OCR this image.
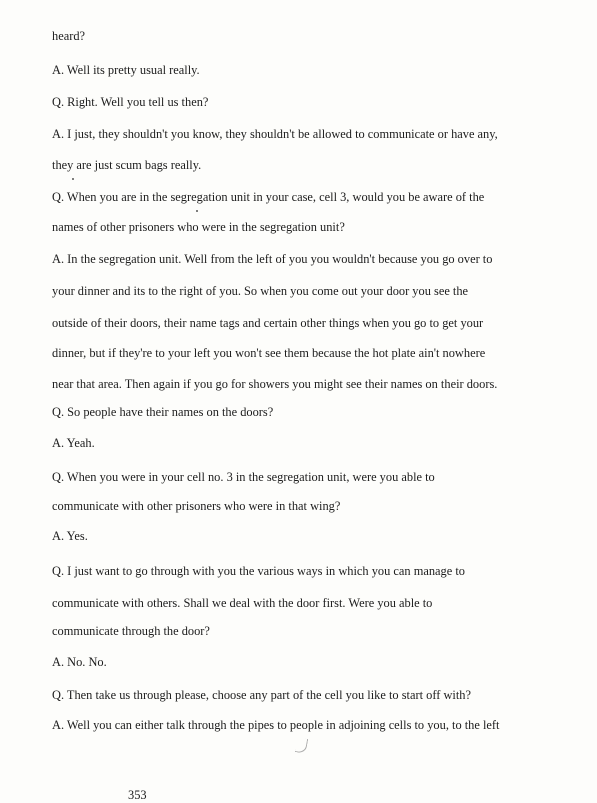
heard?
A. Well its pretty usual really.
Q. Right. Well you tell us then?
A. I just, they shouldn't you know, they shouldn't be allowed to communicate or have any,
they are just scum bags really.
Q. When you are in the segregation unit in your case, cell 3, would you be aware of the
names of other prisoners who were in the segregation unit?
A. In the segregation unit. Well from the left of you you wouldn't because you go over to
your dinner and its to the right of you. So when you come out your door you see the
outside of their doors, their name tags and certain other things when you go to get your
dinner, but if they're to your left you won't see them because the hot plate ain't nowhere
near that area. Then again if you go for showers you might see their names on their doors.
Q. So people have their names on the doors?
A. Yeah.
Q. When you were in your cell no. 3 in the segregation unit, were you able to
communicate with other prisoners who were in that wing?
A. Yes.
Q. I just want to go through with you the various ways in which you can manage to
communicate with others. Shall we deal with the door first. Were you able to
communicate through the door?
A. No. No.
Q. Then take us through please, choose any part of the cell you like to start off with?
A. Well you can either talk through the pipes to people in adjoining cells to you, to the left
353
